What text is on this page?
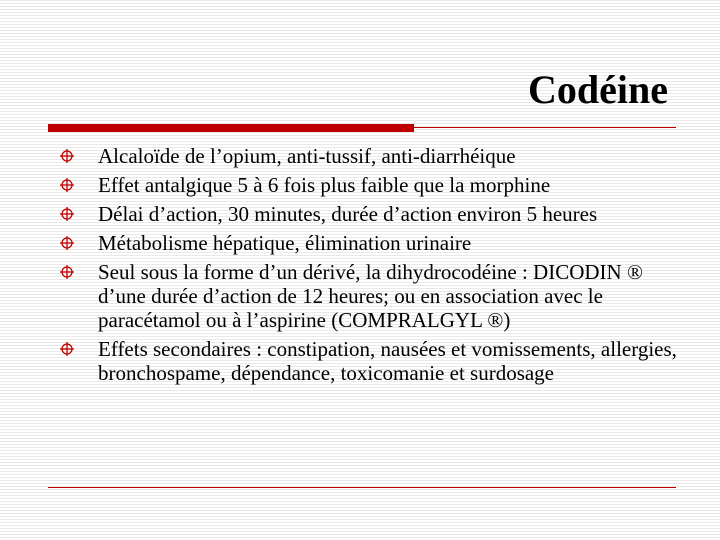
Codéine
Alcaloïde de l’opium, anti-tussif, anti-diarrhéique
Effet antalgique 5 à 6 fois plus faible que la morphine
Délai d’action, 30 minutes, durée d’action environ 5 heures
Métabolisme hépatique, élimination urinaire
Seul sous la forme d’un dérivé, la dihydrocodéine : DICODIN ® d’une durée d’action de 12 heures; ou en association avec le paracétamol ou à l’aspirine (COMPRALGYL ®)
Effets secondaires : constipation, nausées et vomissements, allergies, bronchospame, dépendance, toxicomanie et surdosage
